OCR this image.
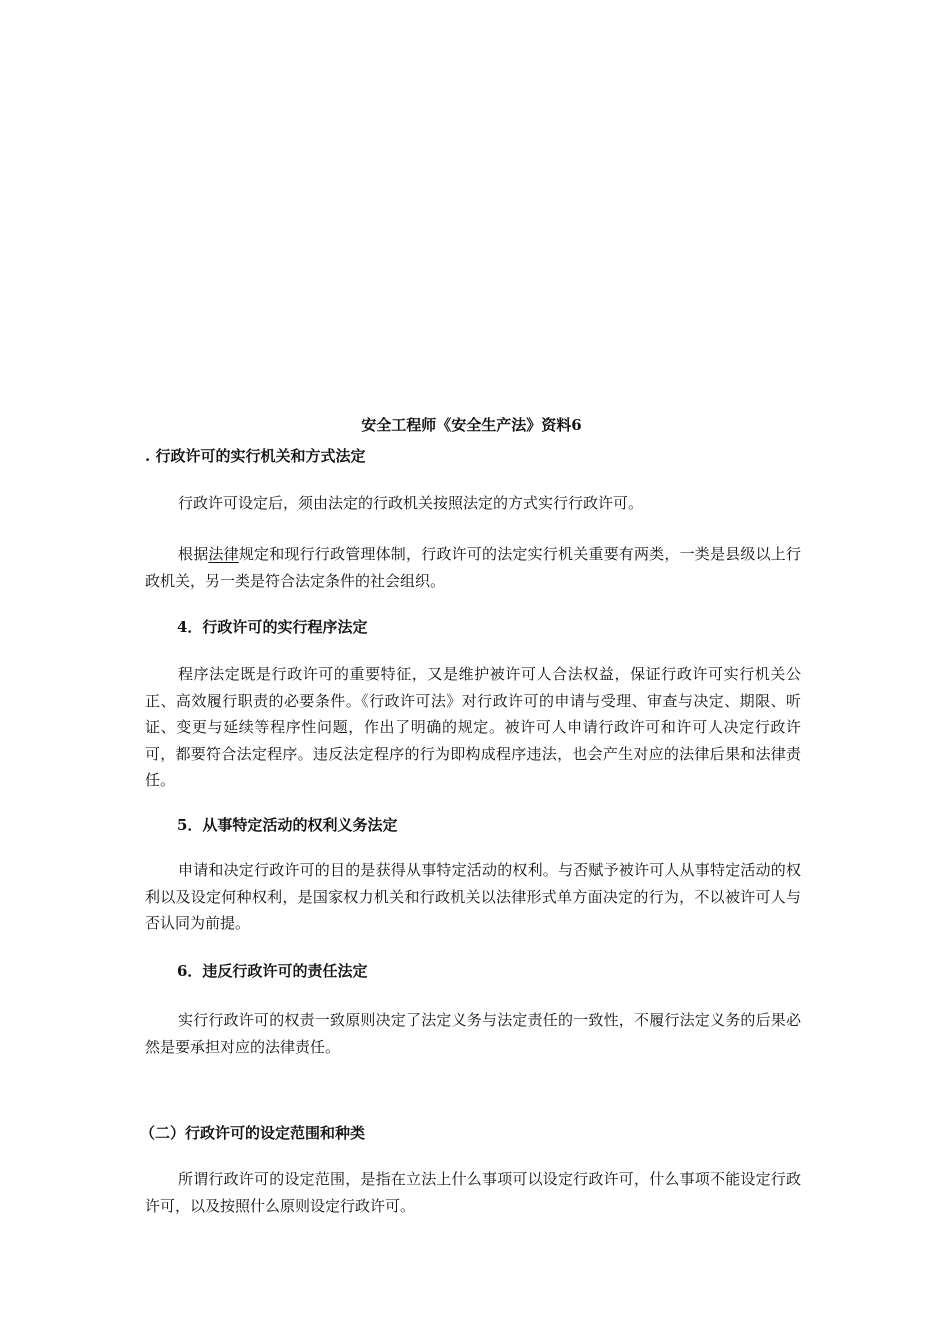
安全工程师《安全生产法》资料6
. 行政许可的实行机关和方式法定

行政许可设定后，须由法定的行政机关按照法定的方式实行行政许可。

根据法律规定和现行行政管理体制，行政许可的法定实行机关重要有两类，一类是县级以上行政机关，另一类是符合法定条件的社会组织。

4．行政许可的实行程序法定

程序法定既是行政许可的重要特征，又是维护被许可人合法权益，保证行政许可实行机关公正、高效履行职责的必要条件。《行政许可法》对行政许可的申请与受理、审查与决定、期限、听证、变更与延续等程序性问题，作出了明确的规定。被许可人申请行政许可和许可人决定行政许可，都要符合法定程序。违反法定程序的行为即构成程序违法，也会产生对应的法律后果和法律责任。

5．从事特定活动的权利义务法定

申请和决定行政许可的目的是获得从事特定活动的权利。与否赋予被许可人从事特定活动的权利以及设定何种权利，是国家权力机关和行政机关以法律形式单方面决定的行为，不以被许可人与否认同为前提。

6．违反行政许可的责任法定

实行行政许可的权责一致原则决定了法定义务与法定责任的一致性，不履行法定义务的后果必然是要承担对应的法律责任。

（二）行政许可的设定范围和种类

所谓行政许可的设定范围，是指在立法上什么事项可以设定行政许可，什么事项不能设定行政许可，以及按照什么原则设定行政许可。
